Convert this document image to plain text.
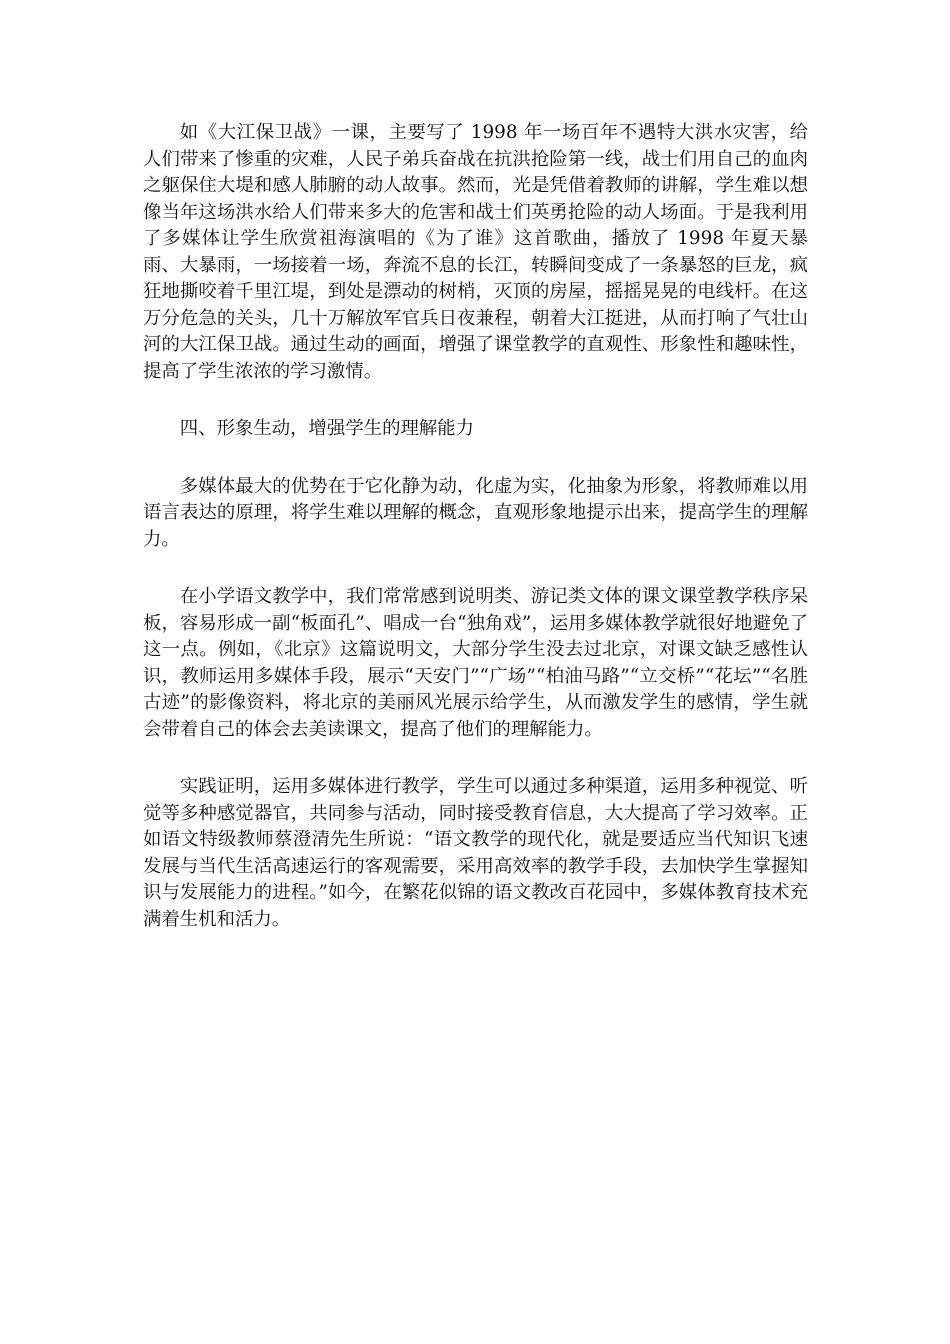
如《大江保卫战》一课，主要写了 1998 年一场百年不遇特大洪水灾害，给人们带来了惨重的灾难，人民子弟兵奋战在抗洪抢险第一线，战士们用自己的血肉之躯保住大堤和感人肺腑的动人故事。然而，光是凭借着教师的讲解，学生难以想像当年这场洪水给人们带来多大的危害和战士们英勇抢险的动人场面。于是我利用了多媒体让学生欣赏祖海演唱的《为了谁》这首歌曲，播放了 1998 年夏天暴雨、大暴雨，一场接着一场，奔流不息的长江，转瞬间变成了一条暴怒的巨龙，疯狂地撕咬着千里江堤，到处是漂动的树梢，灭顶的房屋，摇摇晃晃的电线杆。在这万分危急的关头，几十万解放军官兵日夜兼程，朝着大江挺进，从而打响了气壮山河的大江保卫战。通过生动的画面，增强了课堂教学的直观性、形象性和趣味性，提高了学生浓浓的学习激情。

四、形象生动，增强学生的理解能力

多媒体最大的优势在于它化静为动，化虚为实，化抽象为形象，将教师难以用语言表达的原理，将学生难以理解的概念，直观形象地提示出来，提高学生的理解力。

在小学语文教学中，我们常常感到说明类、游记类文体的课文课堂教学秩序呆板，容易形成一副“板面孔”、唱成一台“独角戏”，运用多媒体教学就很好地避免了这一点。例如，《北京》这篇说明文，大部分学生没去过北京，对课文缺乏感性认识，教师运用多媒体手段，展示“天安门”“广场”“柏油马路”“立交桥”“花坛”“名胜古迹”的影像资料，将北京的美丽风光展示给学生，从而激发学生的感情，学生就会带着自己的体会去美读课文，提高了他们的理解能力。

实践证明，运用多媒体进行教学，学生可以通过多种渠道，运用多种视觉、听觉等多种感觉器官，共同参与活动，同时接受教育信息，大大提高了学习效率。正如语文特级教师蔡澄清先生所说：“语文教学的现代化，就是要适应当代知识飞速发展与当代生活高速运行的客观需要，采用高效率的教学手段，去加快学生掌握知识与发展能力的进程。”如今，在繁花似锦的语文教改百花园中，多媒体教育技术充满着生机和活力。
